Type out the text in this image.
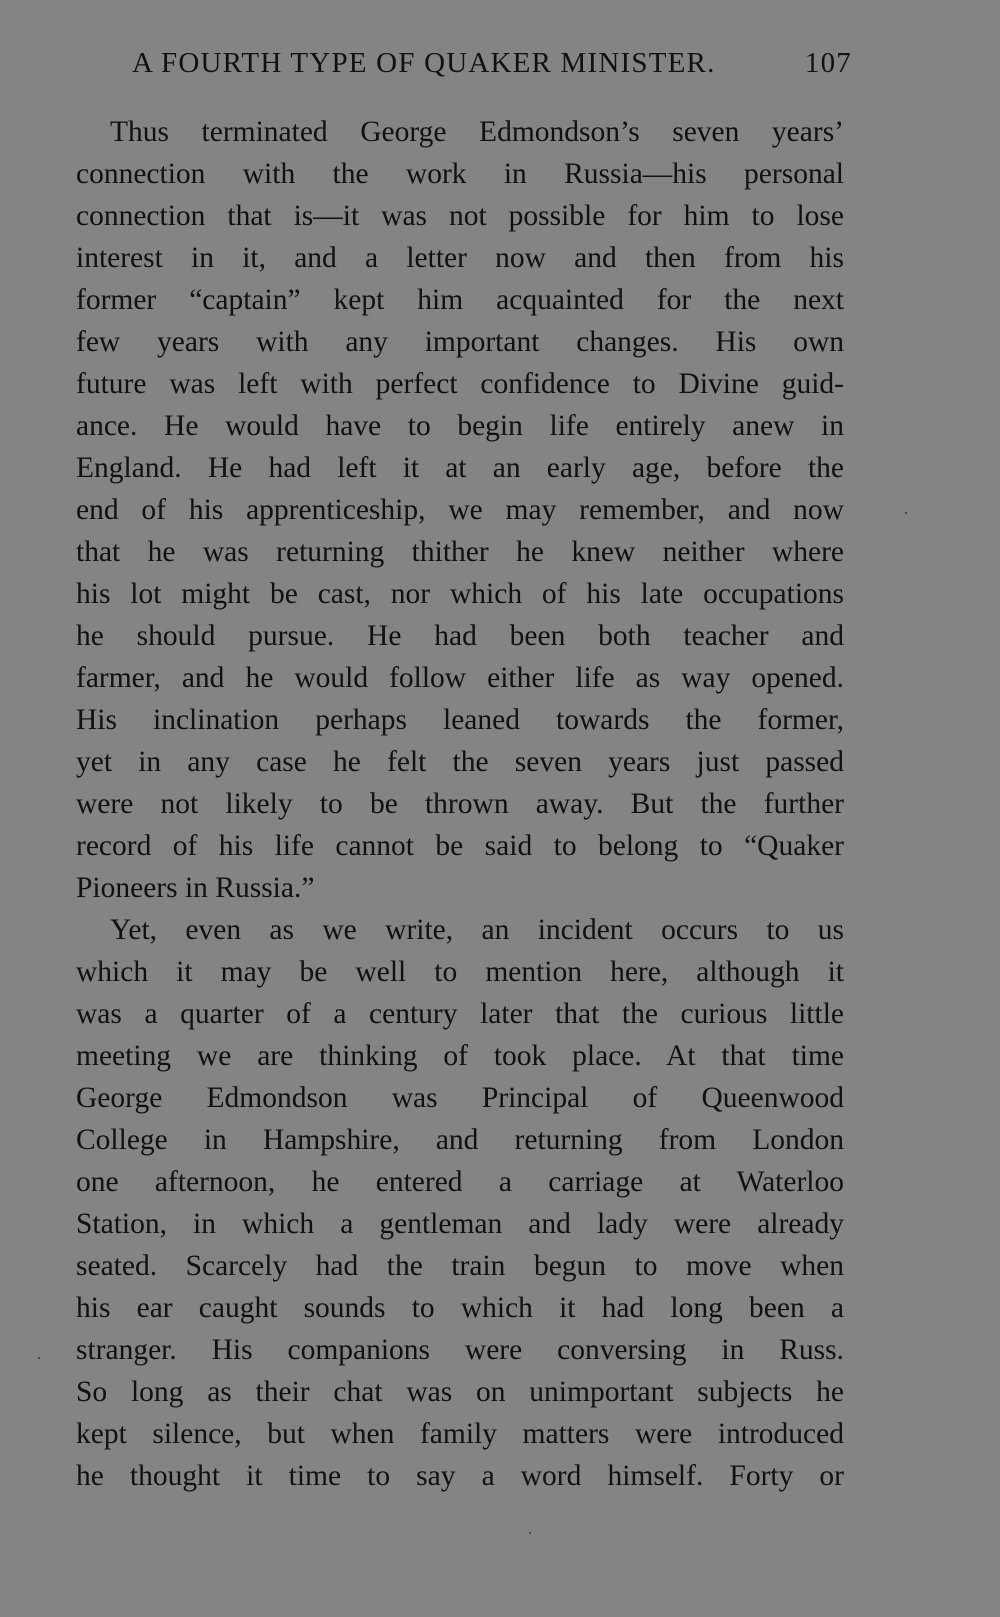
A FOURTH TYPE OF QUAKER MINISTER.	107
Thus terminated George Edmondson’s seven years’
connection with the work in Russia—his personal
connection that is—it was not possible for him to lose
interest in it, and a letter now and then from his
former “captain” kept him acquainted for the next
few years with any important changes. His own
future was left with perfect confidence to Divine guid-
ance. He would have to begin life entirely anew in
England. He had left it at an early age, before the
end of his apprenticeship, we may remember, and now
that he was returning thither he knew neither where
his lot might be cast, nor which of his late occupations
he should pursue. He had been both teacher and
farmer, and he would follow either life as way opened.
His inclination perhaps leaned towards the former,
yet in any case he felt the seven years just passed
were not likely to be thrown away. But the further
record of his life cannot be said to belong to “Quaker
Pioneers in Russia.”
Yet, even as we write, an incident occurs to us
which it may be well to mention here, although it
was a quarter of a century later that the curious little
meeting we are thinking of took place. At that time
George Edmondson was Principal of Queenwood
College in Hampshire, and returning from London
one afternoon, he entered a carriage at Waterloo
Station, in which a gentleman and lady were already
seated. Scarcely had the train begun to move when
his ear caught sounds to which it had long been a
stranger. His companions were conversing in Russ.
So long as their chat was on unimportant subjects he
kept silence, but when family matters were introduced
he thought it time to say a word himself. Forty or
